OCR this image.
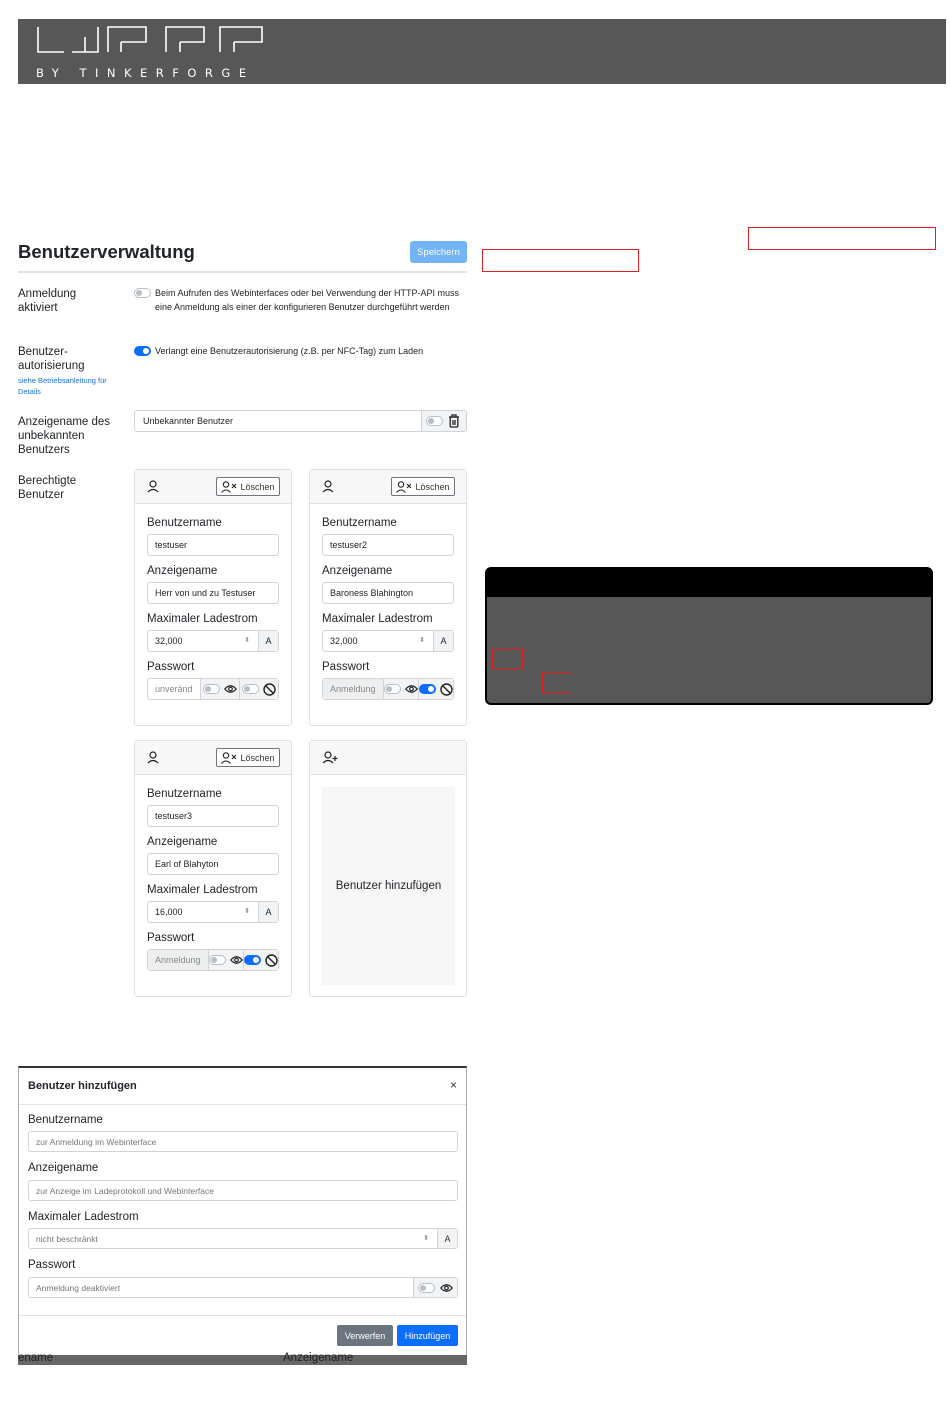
BY TINKERFORGE
Benutzerverwaltung	Speichern
Anmeldung aktiviert
Beim Aufrufen des Webinterfaces oder bei Verwendung der HTTP-API muss eine Anmeldung als einer der konfigurieren Benutzer durchgeführt werden
Benutzer-autorisierung
siehe Betriebsanleitung für Details
Verlangt eine Benutzerautorisierung (z.B. per NFC-Tag) zum Laden
Anzeigename des unbekannten Benutzers
Unbekannter Benutzer
Berechtigte Benutzer
Löschen
Benutzername
testuser
Anzeigename
Herr von und zu Testuser
Maximaler Ladestrom
32,000	⬍	A
Passwort
unveränd
Löschen
Benutzername
testuser2
Anzeigename
Baroness Blahington
Maximaler Ladestrom
32,000	⬍	A
Passwort
Anmeldung
Löschen
Benutzername
testuser3
Anzeigename
Earl of Blahyton
Maximaler Ladestrom
16,000	⬍	A
Passwort
Anmeldung
Benutzer hinzufügen
Benutzer hinzufügen	×
Benutzername
zur Anmeldung im Webinterface
Anzeigename
zur Anzeige im Ladeprotokoll und Webinterface
Maximaler Ladestrom
nicht beschränkt	⬍	A
Passwort
Anmeldung deaktiviert
Verwerfen	Hinzufügen
ename	Anzeigename
